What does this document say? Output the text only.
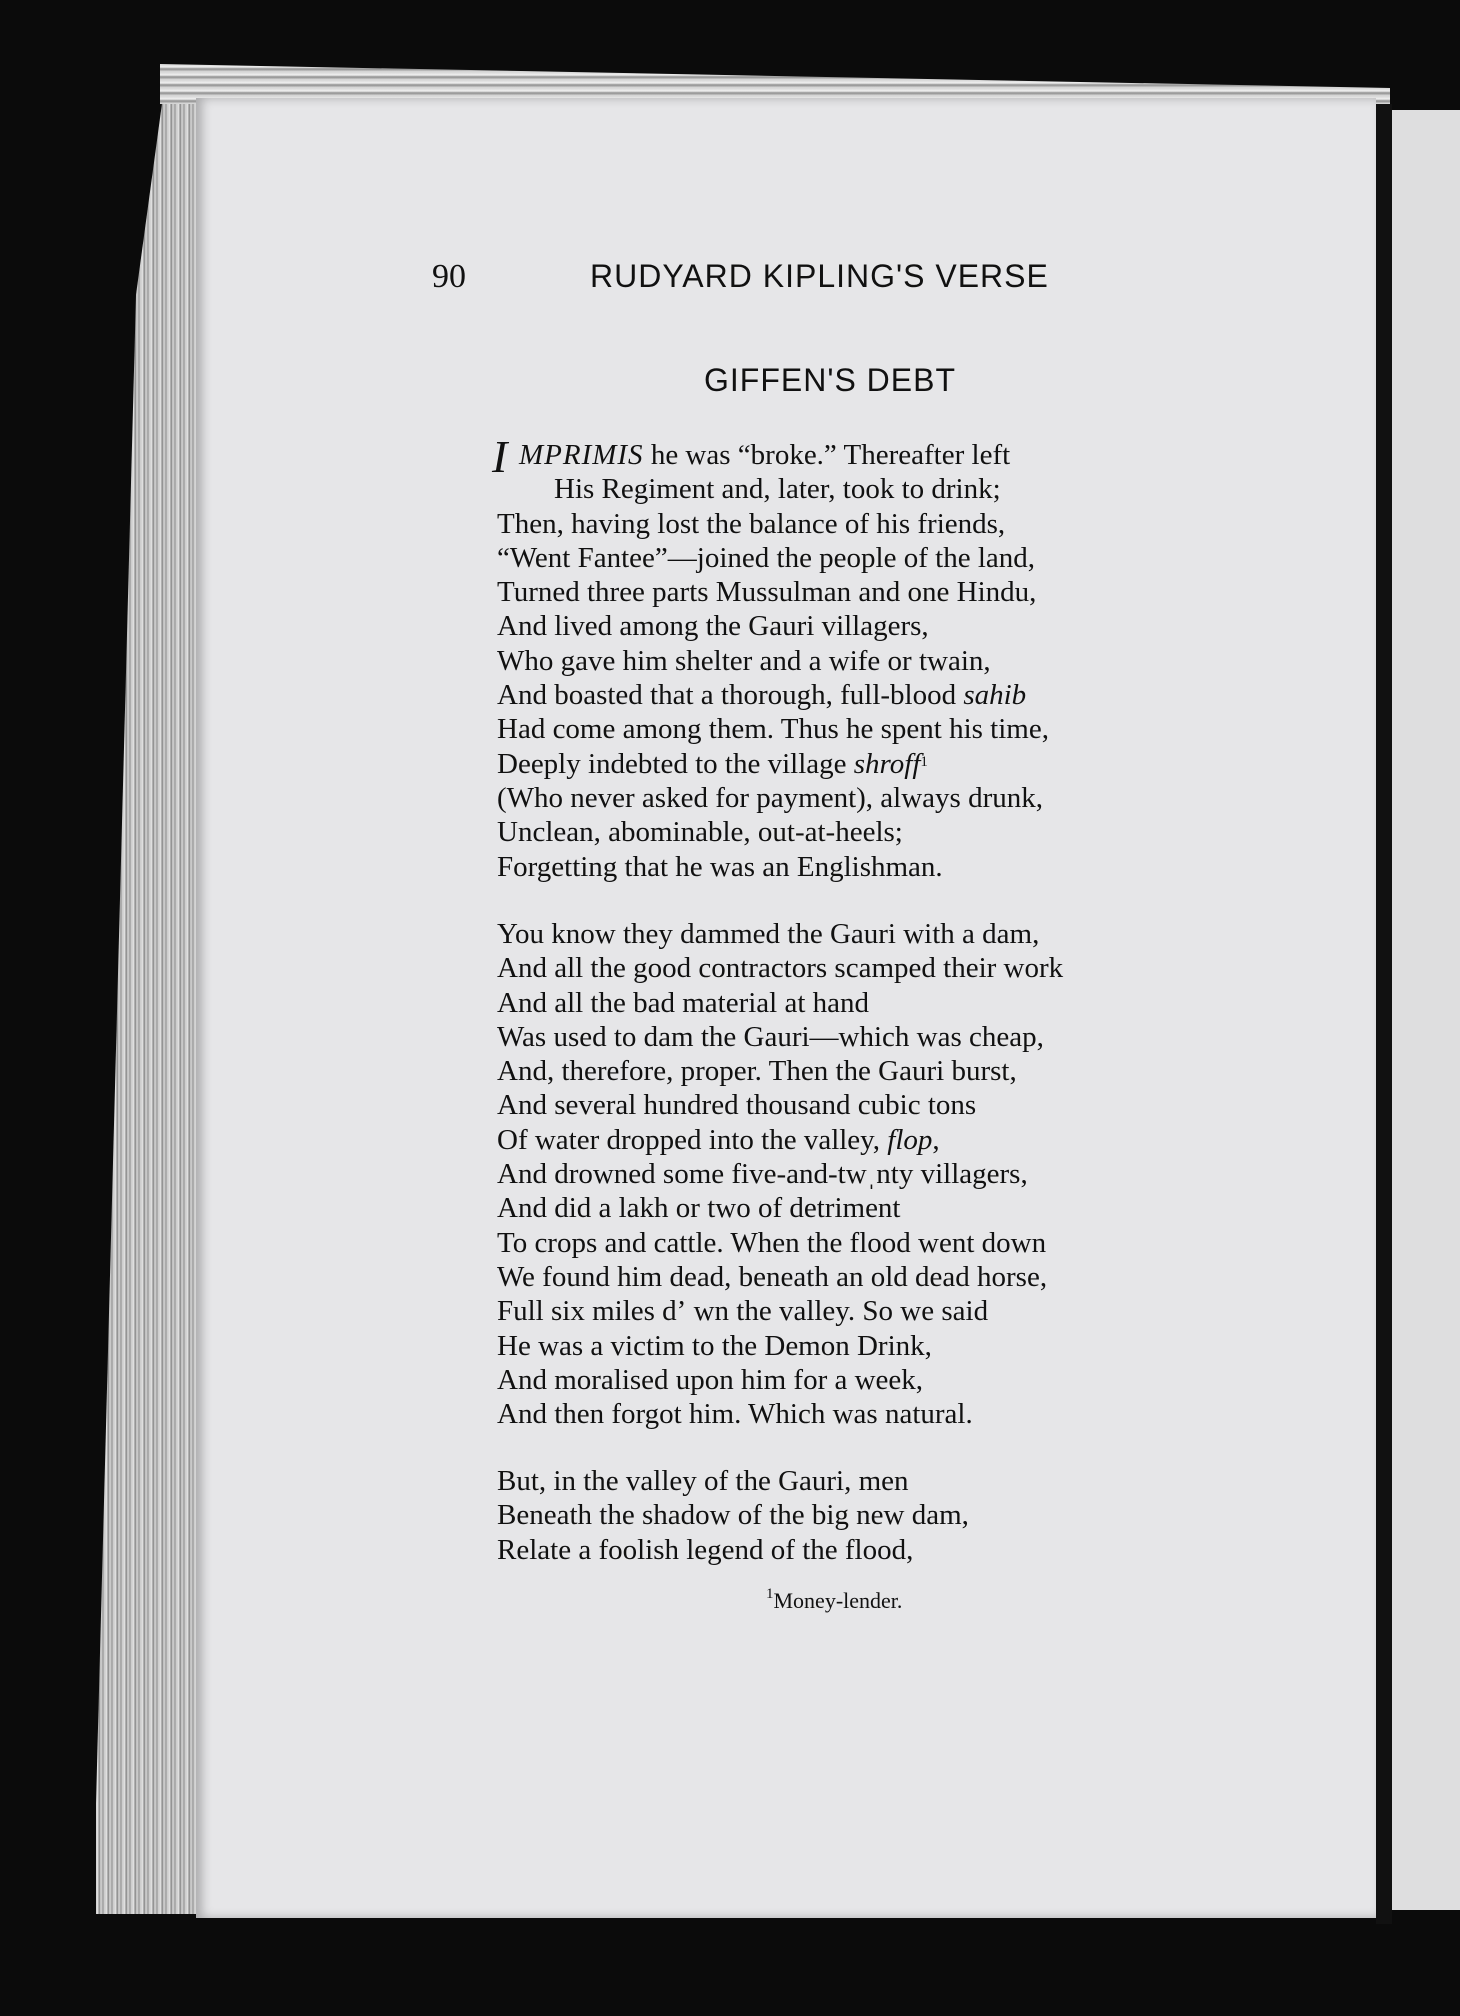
90	RUDYARD KIPLING'S VERSE
GIFFEN'S DEBT
I MPRIMIS he was “broke.” Thereafter left
His Regiment and, later, took to drink;
Then, having lost the balance of his friends,
“Went Fantee”—joined the people of the land,
Turned three parts Mussulman and one Hindu,
And lived among the Gauri villagers,
Who gave him shelter and a wife or twain,
And boasted that a thorough, full-blood sahib
Had come among them. Thus he spent his time,
Deeply indebted to the village shroff$^1$
(Who never asked for payment), always drunk,
Unclean, abominable, out-at-heels;
Forgetting that he was an Englishman.
You know they dammed the Gauri with a dam,
And all the good contractors scamped their work
And all the bad material at hand
Was used to dam the Gauri—which was cheap,
And, therefore, proper. Then the Gauri burst,
And several hundred thousand cubic tons
Of water dropped into the valley, flop,
And drowned some five-and-twˌnty villagers,
And did a lakh or two of detriment
To crops and cattle. When the flood went down
We found him dead, beneath an old dead horse,
Full six miles dʼ wn the valley. So we said
He was a victim to the Demon Drink,
And moralised upon him for a week,
And then forgot him. Which was natural.
But, in the valley of the Gauri, men
Beneath the shadow of the big new dam,
Relate a foolish legend of the flood,
$^1$Money-lender.
